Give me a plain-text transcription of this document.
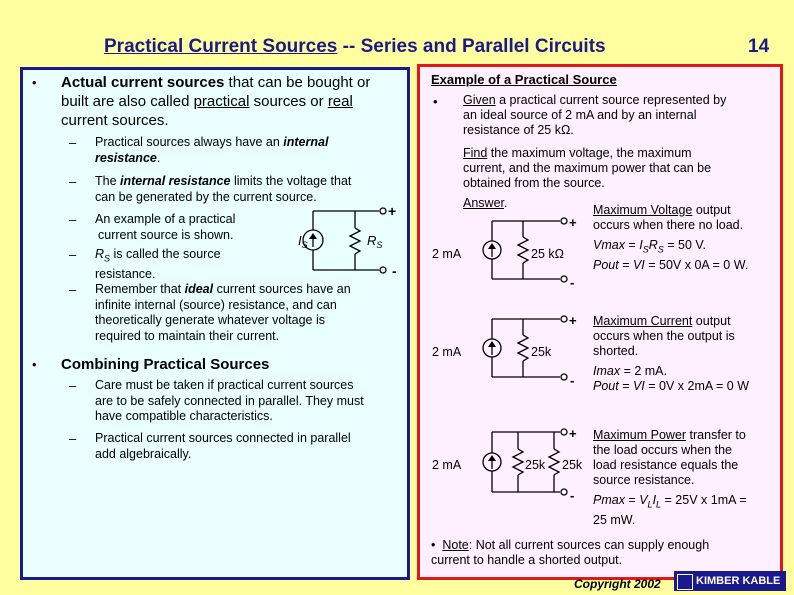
Practical Current Sources -- Series and Parallel Circuits	14
• Actual current sources that can be bought or
built are also called practical sources or real
current sources.
– Practical sources always have an internal
resistance.
– The internal resistance limits the voltage that
can be generated by the current source.
– An example of a practical
current source is shown.
– $R_S$ is called the source
resistance.
$I_S$	$R_S$
+
-
– Remember that ideal current sources have an
infinite internal (source) resistance, and can
theoretically generate whatever voltage is
required to maintain their current.
• Combining Practical Sources
– Care must be taken if practical current sources
are to be safely connected in parallel. They must
have compatible characteristics.
– Practical current sources connected in parallel
add algebraically.
Example of a Practical Source
• Given a practical current source represented by
an ideal source of 2 mA and by an internal
resistance of 25 kΩ.
Find the maximum voltage, the maximum
current, and the maximum power that can be
obtained from the source.
Answer.
2 mA	25 kΩ
+
-
2 mA	25k
+
-
2 mA	25k 25k
+
-
Maximum Voltage output
occurs when there no load.
$Vmax = I_SR_S = 50$ V.
Pout = VI = 50V x 0A = 0 W.
Maximum Current output
occurs when the output is
shorted.
Imax = 2 mA.
Pout = VI = 0V x 2mA = 0 W
Maximum Power transfer to
the load occurs when the
load resistance equals the
source resistance.
$Pmax = V_LI_L = 25V$ x 1mA =
25 mW.
• Note: Not all current sources can supply enough
current to handle a shorted output.
Copyright 2002	KIMBER KABLE
